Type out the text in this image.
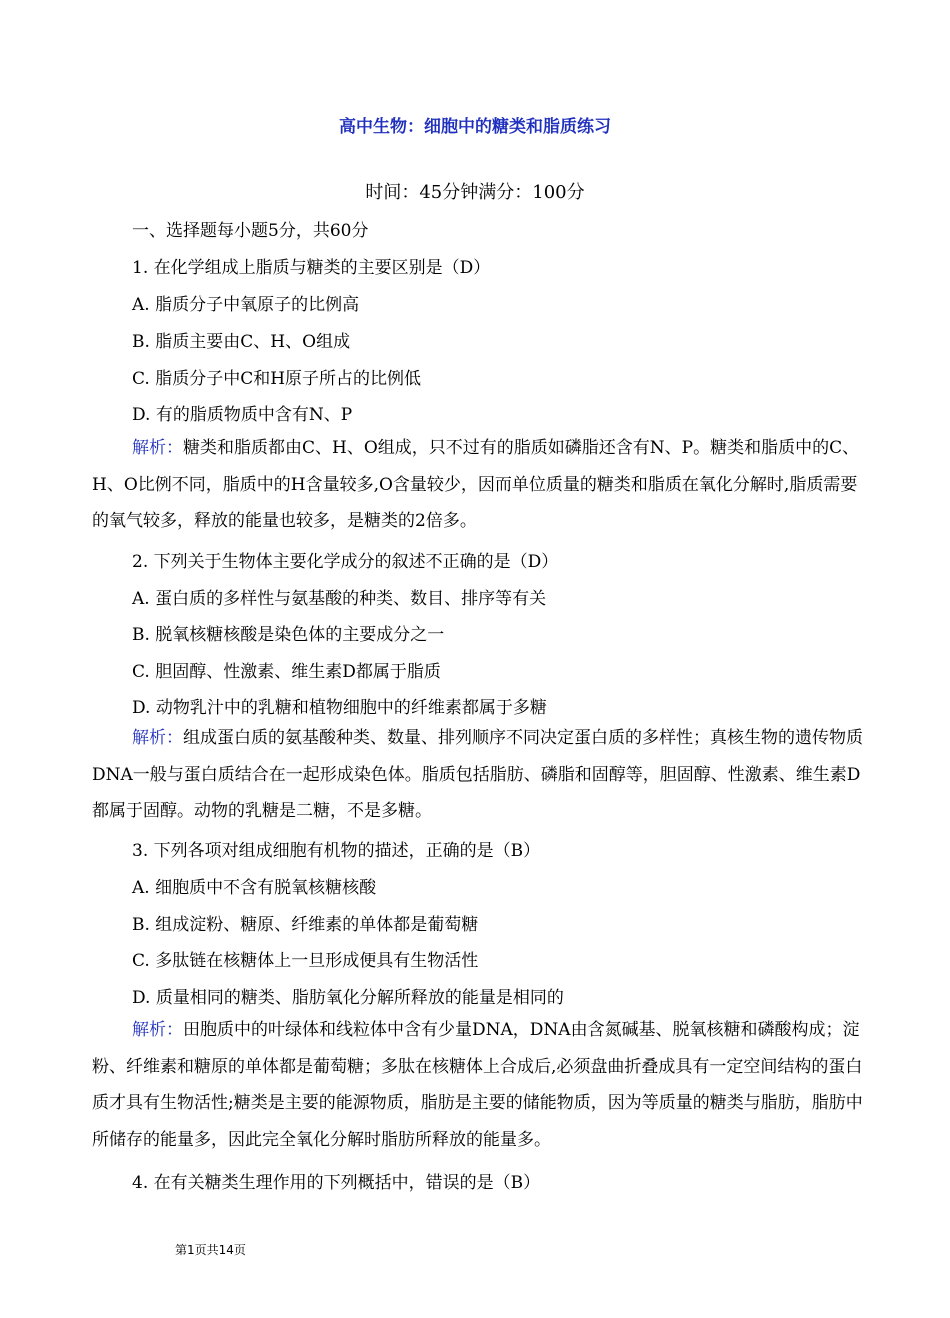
高中生物：细胞中的糖类和脂质练习
时间：45分钟满分：100分
一、选择题每小题5分，共60分
1. 在化学组成上脂质与糖类的主要区别是（D）
A. 脂质分子中氧原子的比例高
B. 脂质主要由C、H、O组成
C. 脂质分子中C和H原子所占的比例低
D. 有的脂质物质中含有N、P
解析：糖类和脂质都由C、H、O组成，只不过有的脂质如磷脂还含有N、P。糖类和脂质中的C、H、O比例不同，脂质中的H含量较多,O含量较少，因而单位质量的糖类和脂质在氧化分解时,脂质需要的氧气较多，释放的能量也较多，是糖类的2倍多。
2. 下列关于生物体主要化学成分的叙述不正确的是（D）
A. 蛋白质的多样性与氨基酸的种类、数目、排序等有关
B. 脱氧核糖核酸是染色体的主要成分之一
C. 胆固醇、性激素、维生素D都属于脂质
D. 动物乳汁中的乳糖和植物细胞中的纤维素都属于多糖
解析：组成蛋白质的氨基酸种类、数量、排列顺序不同决定蛋白质的多样性；真核生物的遗传物质DNA一般与蛋白质结合在一起形成染色体。脂质包括脂肪、磷脂和固醇等，胆固醇、性激素、维生素D都属于固醇。动物的乳糖是二糖，不是多糖。
3. 下列各项对组成细胞有机物的描述，正确的是（B）
A. 细胞质中不含有脱氧核糖核酸
B. 组成淀粉、糖原、纤维素的单体都是葡萄糖
C. 多肽链在核糖体上一旦形成便具有生物活性
D. 质量相同的糖类、脂肪氧化分解所释放的能量是相同的
解析：田胞质中的叶绿体和线粒体中含有少量DNA，DNA由含氮碱基、脱氧核糖和磷酸构成；淀粉、纤维素和糖原的单体都是葡萄糖；多肽在核糖体上合成后,必须盘曲折叠成具有一定空间结构的蛋白质才具有生物活性;糖类是主要的能源物质，脂肪是主要的储能物质，因为等质量的糖类与脂肪，脂肪中所储存的能量多，因此完全氧化分解时脂肪所释放的能量多。
4. 在有关糖类生理作用的下列概括中，错误的是（B）
第1页共14页
